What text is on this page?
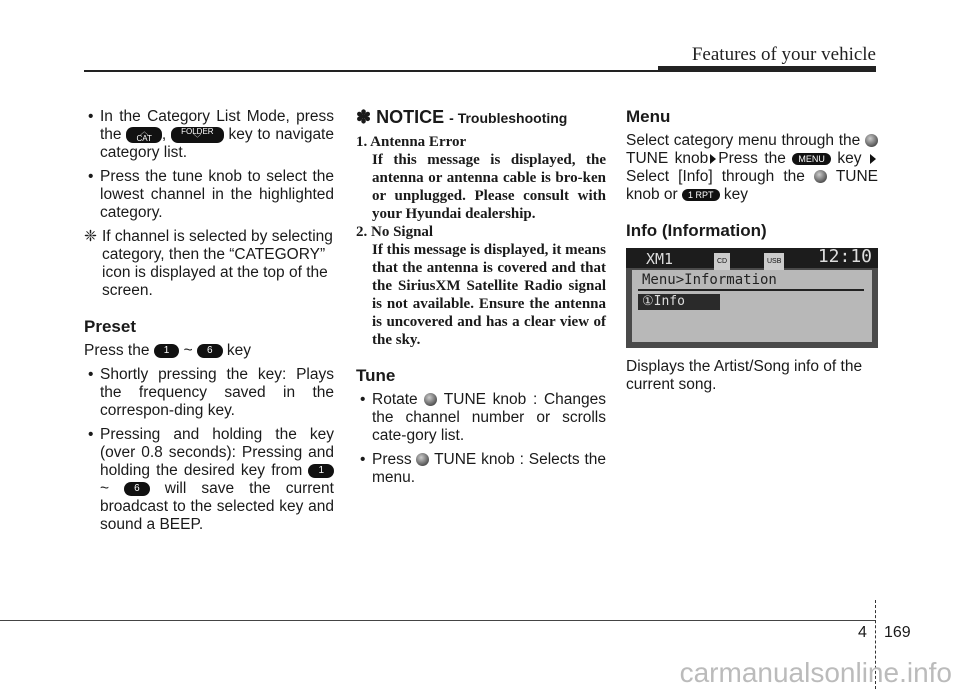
Features of your vehicle
• In the Category List Mode, press the ︿
CAT , FOLDER
﹀ key to navigate category list.
• Press the tune knob to select the lowest channel in the highlighted category.
❈ If channel is selected by selecting category, then the “CATEGORY” icon is displayed at the top of the screen.
Preset

Press the 1 ~ 6 key

• Shortly pressing the key: Plays the frequency saved in the correspon-ding key.
• Pressing and holding the key (over 0.8 seconds): Pressing and holding the desired key from 1 ~	6 will save the current broadcast to the selected key and sound a BEEP.
✽ NOTICE - Troubleshooting
1. Antenna Error
If this message is displayed, the antenna or antenna cable is bro-ken or unplugged. Please consult with your Hyundai dealership.
2. No Signal
If this message is displayed, it means that the antenna is covered and that the SiriusXM Satellite Radio signal is not available. Ensure the antenna is uncovered and has a clear view of the sky.
Tune
• Rotate TUNE knob : Changes the channel number or scrolls cate-gory list.
• Press TUNE knob : Selects the menu.
Menu

Select category menu through the  TUNE knob Press the MENU key Select [Info] through the TUNE knob or 1 RPT key

Info (Information)
XM1	CD	USB 12:10
Menu>Information
①Info

Displays the Artist/Song info of the current song.

4 169
carmanualsonline.info
